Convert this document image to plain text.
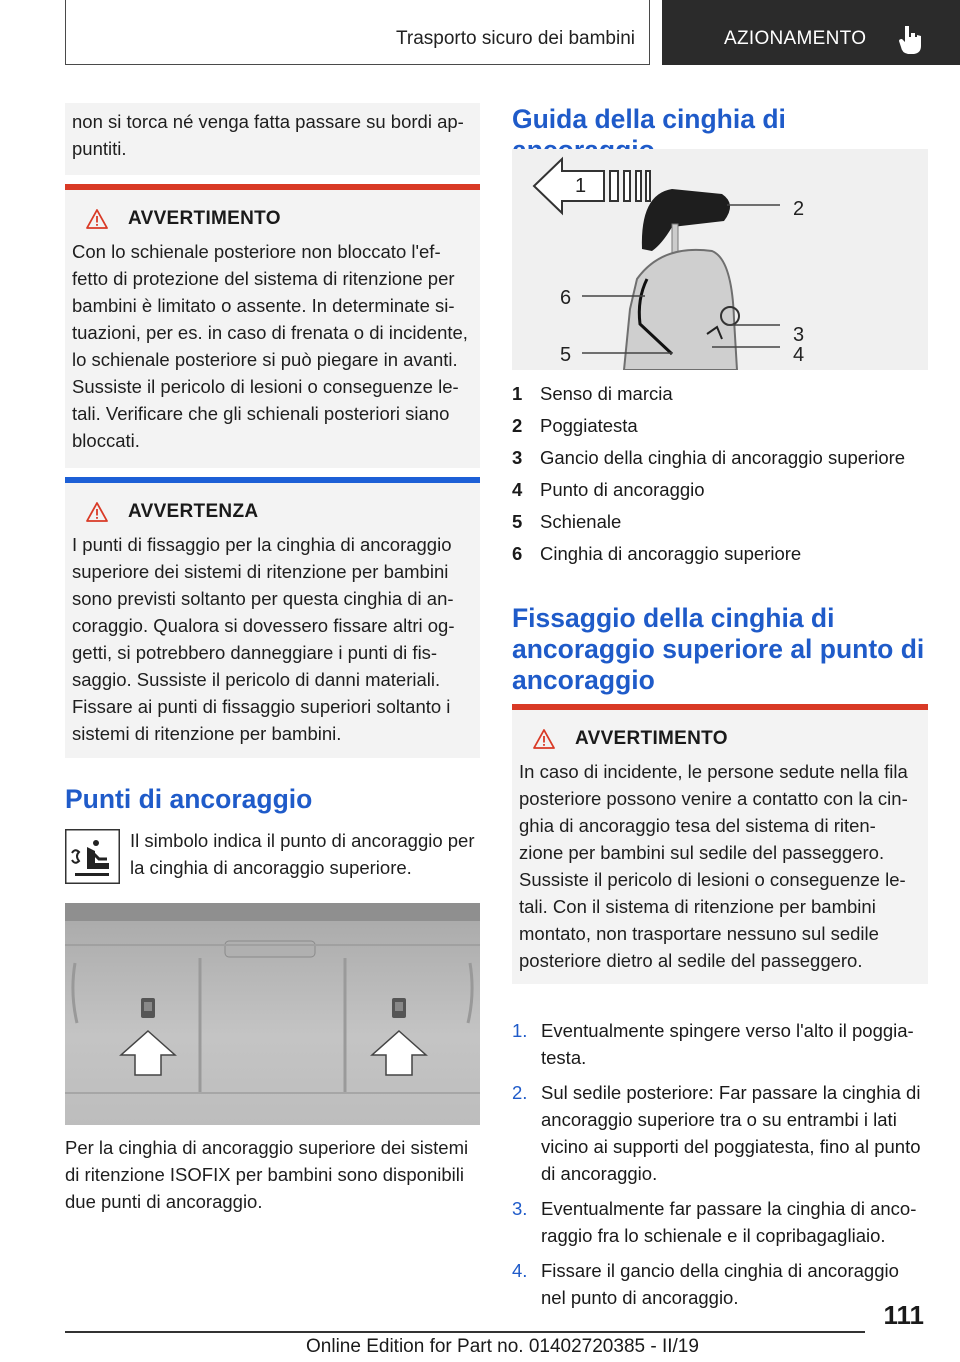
Trasporto sicuro dei bambini	AZIONAMENTO

non si torca né venga fatta passare su bordi ap-puntiti.

AVVERTIMENTO

Con lo schienale posteriore non bloccato l'ef-fetto di protezione del sistema di ritenzione per bambini è limitato o assente. In determinate si-tuazioni, per es. in caso di frenata o di incidente, lo schienale posteriore si può piegare in avanti. Sussiste il pericolo di lesioni o conseguenze le-tali. Verificare che gli schienali posteriori siano bloccati.

AVVERTENZA

I punti di fissaggio per la cinghia di ancoraggio superiore dei sistemi di ritenzione per bambini sono previsti soltanto per questa cinghia di an-coraggio. Qualora si dovessero fissare altri og-getti, si potrebbero danneggiare i punti di fis-saggio. Sussiste il pericolo di danni materiali. Fissare ai punti di fissaggio superiori soltanto i sistemi di ritenzione per bambini.

Punti di ancoraggio

Il simbolo indica il punto di ancoraggio per la cinghia di ancoraggio superiore.

Per la cinghia di ancoraggio superiore dei sistemi di ritenzione ISOFIX per bambini sono disponibili due punti di ancoraggio.

Guida della cinghia di
1
2
6
3
4
5
1 Senso di marcia
2 Poggiatesta
3 Gancio della cinghia di ancoraggio superiore
4 Punto di ancoraggio
5 Schienale
6 Cinghia di ancoraggio superiore
Fissaggio della cinghia di ancoraggio superiore al punto di ancoraggio
AVVERTIMENTO

In caso di incidente, le persone sedute nella fila posteriore possono venire a contatto con la cin-ghia di ancoraggio tesa del sistema di riten-zione per bambini sul sedile del passeggero. Sussiste il pericolo di lesioni o conseguenze le-tali. Con il sistema di ritenzione per bambini montato, non trasportare nessuno sul sedile posteriore dietro al sedile del passeggero.

1. Eventualmente spingere verso l'alto il poggia-testa.
2. Sul sedile posteriore: Far passare la cinghia di ancoraggio superiore tra o su entrambi i lati vicino ai supporti del poggiatesta, fino al punto di ancoraggio.
3. Eventualmente far passare la cinghia di anco-raggio fra lo schienale e il copribagagliaio.
4. Fissare il gancio della cinghia di ancoraggio nel punto di ancoraggio.
111
Online Edition for Part no. 01402720385 - II/19
